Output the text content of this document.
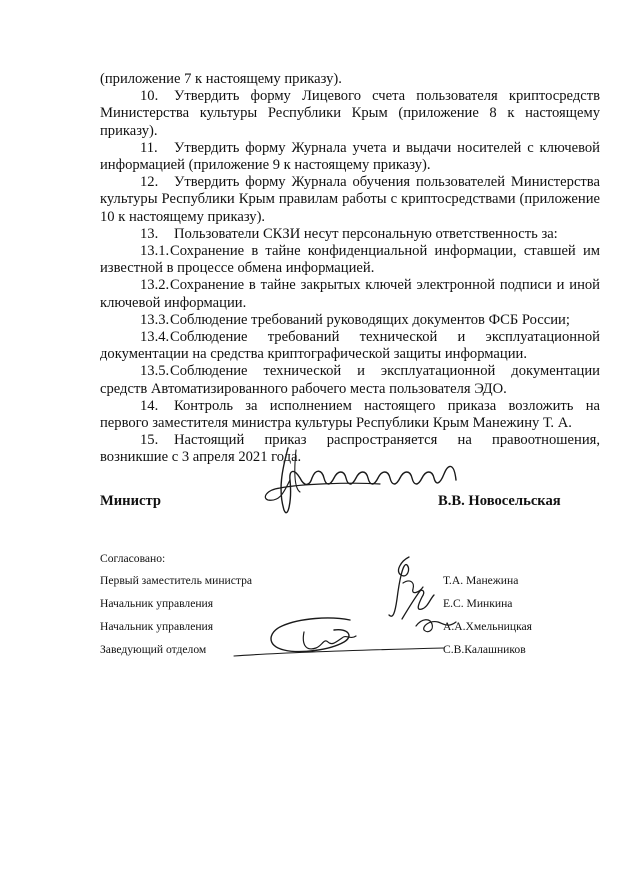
(приложение 7 к настоящему приказу).

10. Утвердить форму Лицевого счета пользователя криптосредств Министерства культуры Республики Крым (приложение 8 к настоящему приказу).

11. Утвердить форму Журнала учета и выдачи носителей с ключевой информацией (приложение 9 к настоящему приказу).

12. Утвердить форму Журнала обучения пользователей Министерства культуры Республики Крым правилам работы с криптосредствами (приложение 10 к настоящему приказу).

13. Пользователи СКЗИ несут персональную ответственность за:

13.1.Сохранение в тайне конфиденциальной информации, ставшей им известной в процессе обмена информацией.

13.2.Сохранение в тайне закрытых ключей электронной подписи и иной ключевой информации.

13.3.Соблюдение требований руководящих документов ФСБ России;

13.4.Соблюдение требований технической и эксплуатационной документации на средства криптографической защиты информации.

13.5.Соблюдение технической и эксплуатационной документации средств Автоматизированного рабочего места пользователя ЭДО.

14. Контроль за исполнением настоящего приказа возложить на первого заместителя министра культуры Республики Крым Манежину Т. А.

15. Настоящий приказ распространяется на правоотношения, возникшие с 3 апреля 2021 года.

Министр	В.В. Новосельская
Согласовано:
Первый заместитель министра	Т.А. Манежина
Начальник управления	Е.С. Минкина
Начальник управления	А.А.Хмельницкая
Заведующий отделом	С.В.Калашников
